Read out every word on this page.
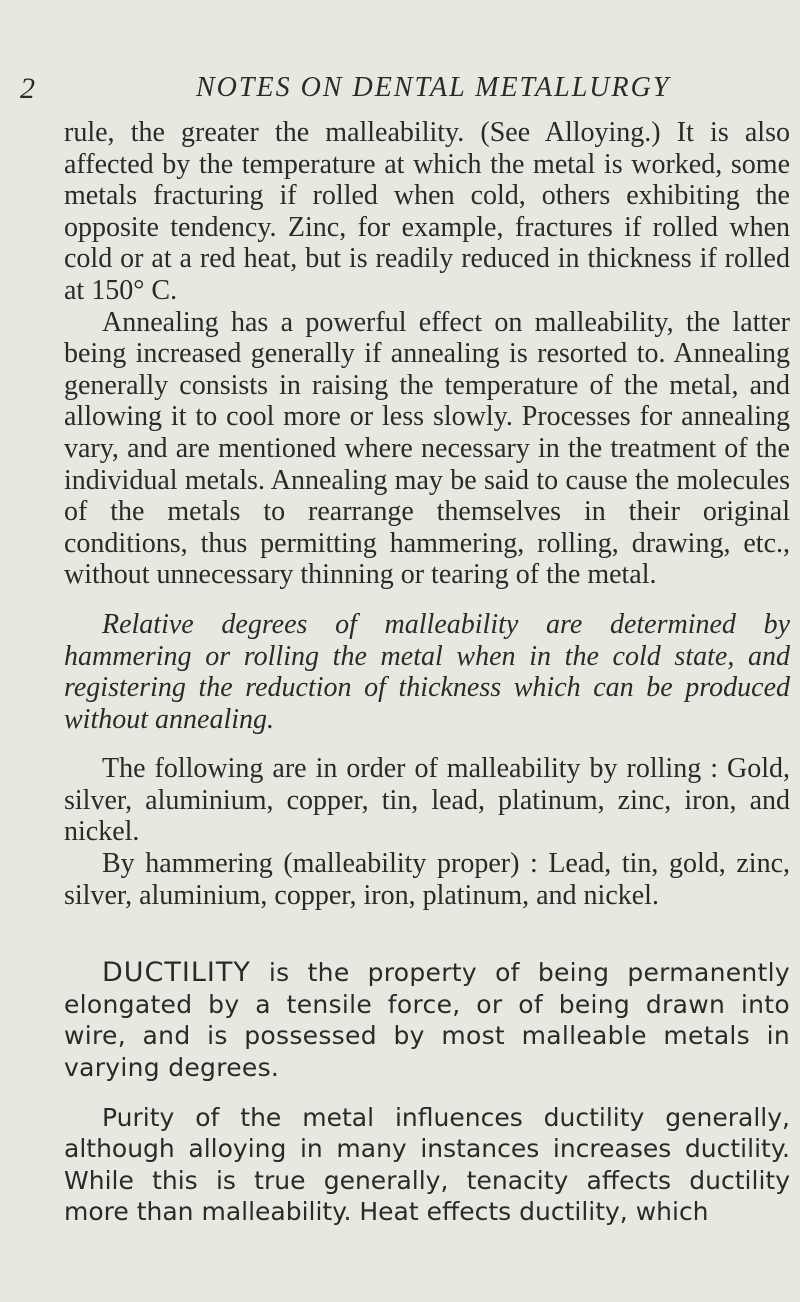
2	NOTES ON DENTAL METALLURGY

rule, the greater the malleability. (See Alloying.) It is also affected by the temperature at which the metal is worked, some metals fracturing if rolled when cold, others exhibiting the opposite tendency. Zinc, for example, fractures if rolled when cold or at a red heat, but is readily reduced in thickness if rolled at 150° C.

Annealing has a powerful effect on malleability, the latter being increased generally if annealing is resorted to. Annealing generally consists in raising the temperature of the metal, and allowing it to cool more or less slowly. Processes for annealing vary, and are mentioned where necessary in the treatment of the individual metals. Annealing may be said to cause the molecules of the metals to rearrange themselves in their original conditions, thus permitting hammering, rolling, drawing, etc., without unnecessary thinning or tearing of the metal.

Relative degrees of malleability are determined by hammering or rolling the metal when in the cold state, and registering the reduction of thickness which can be produced without annealing.

The following are in order of malleability by rolling : Gold, silver, aluminium, copper, tin, lead, platinum, zinc, iron, and nickel.

By hammering (malleability proper) : Lead, tin, gold, zinc, silver, aluminium, copper, iron, platinum, and nickel.

DUCTILITY is the property of being permanently elongated by a tensile force, or of being drawn into wire, and is possessed by most malleable metals in varying degrees.

Purity of the metal influences ductility generally, although alloying in many instances increases ductility. While this is true generally, tenacity affects ductility more than malleability. Heat effects ductility, which
